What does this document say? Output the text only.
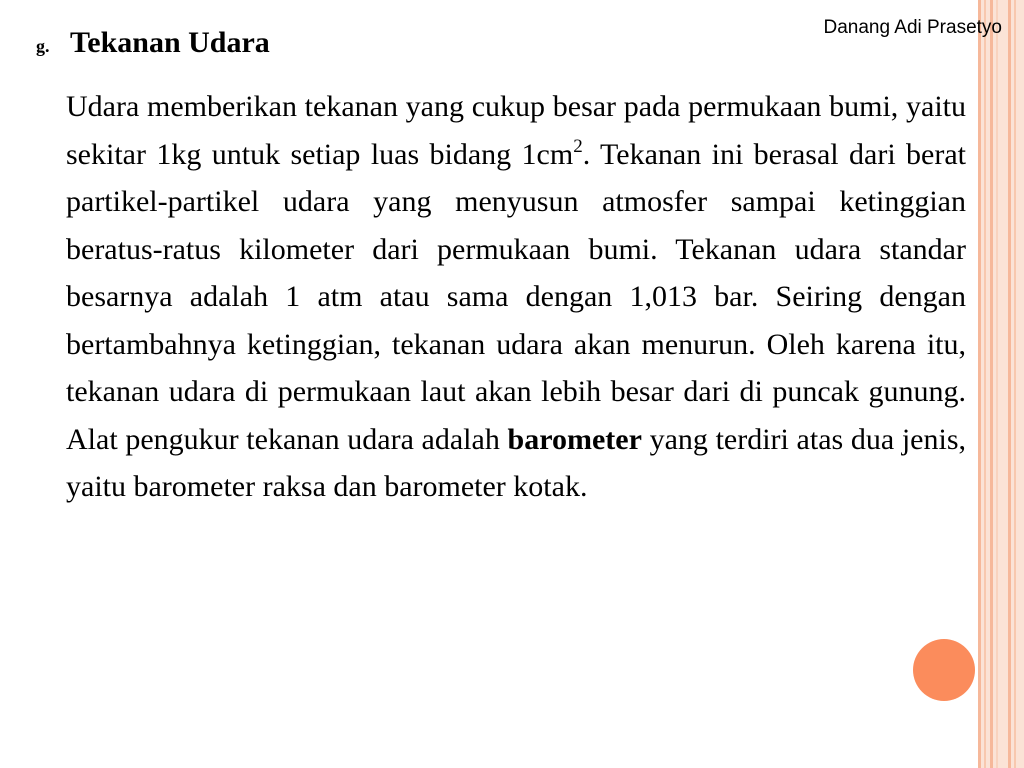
Danang Adi Prasetyo
g. Tekanan Udara
Udara memberikan tekanan yang cukup besar pada permukaan bumi, yaitu sekitar 1kg untuk setiap luas bidang $1cm^2$. Tekanan ini berasal dari berat partikel-partikel udara yang menyusun atmosfer sampai ketinggian beratus-ratus kilometer dari permukaan bumi. Tekanan udara standar besarnya adalah 1 atm atau sama dengan 1,013 bar. Seiring dengan bertambahnya ketinggian, tekanan udara akan menurun. Oleh karena itu, tekanan udara di permukaan laut akan lebih besar dari di puncak gunung. Alat pengukur tekanan udara adalah barometer yang terdiri atas dua jenis, yaitu barometer raksa dan barometer kotak.
